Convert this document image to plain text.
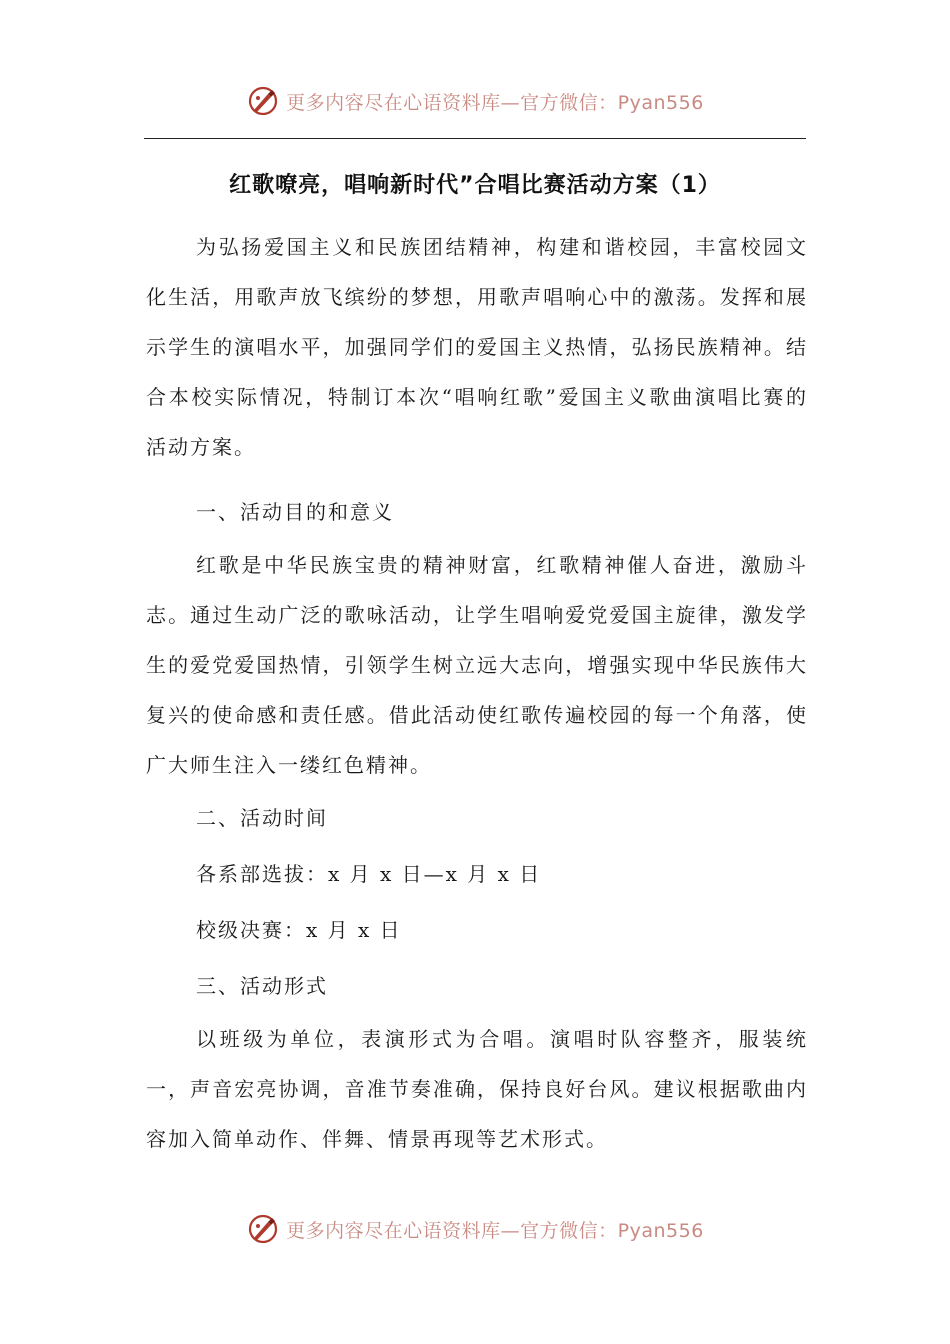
更多内容尽在心语资料库—官方微信：Pyan556
红歌嘹亮，唱响新时代”合唱比赛活动方案（1）

为弘扬爱国主义和民族团结精神，构建和谐校园，丰富校园文化生活，用歌声放飞缤纷的梦想，用歌声唱响心中的激荡。发挥和展示学生的演唱水平，加强同学们的爱国主义热情，弘扬民族精神。结合本校实际情况，特制订本次“唱响红歌”爱国主义歌曲演唱比赛的活动方案。

一、活动目的和意义

红歌是中华民族宝贵的精神财富，红歌精神催人奋进，激励斗志。通过生动广泛的歌咏活动，让学生唱响爱党爱国主旋律，激发学生的爱党爱国热情，引领学生树立远大志向，增强实现中华民族伟大复兴的使命感和责任感。借此活动使红歌传遍校园的每一个角落，使广大师生注入一缕红色精神。

二、活动时间

各系部选拔：x 月 x 日—x 月 x 日

校级决赛：x 月 x 日

三、活动形式

以班级为单位，表演形式为合唱。演唱时队容整齐，服装统一，声音宏亮协调，音准节奏准确，保持良好台风。建议根据歌曲内容加入简单动作、伴舞、情景再现等艺术形式。

更多内容尽在心语资料库—官方微信：Pyan556
